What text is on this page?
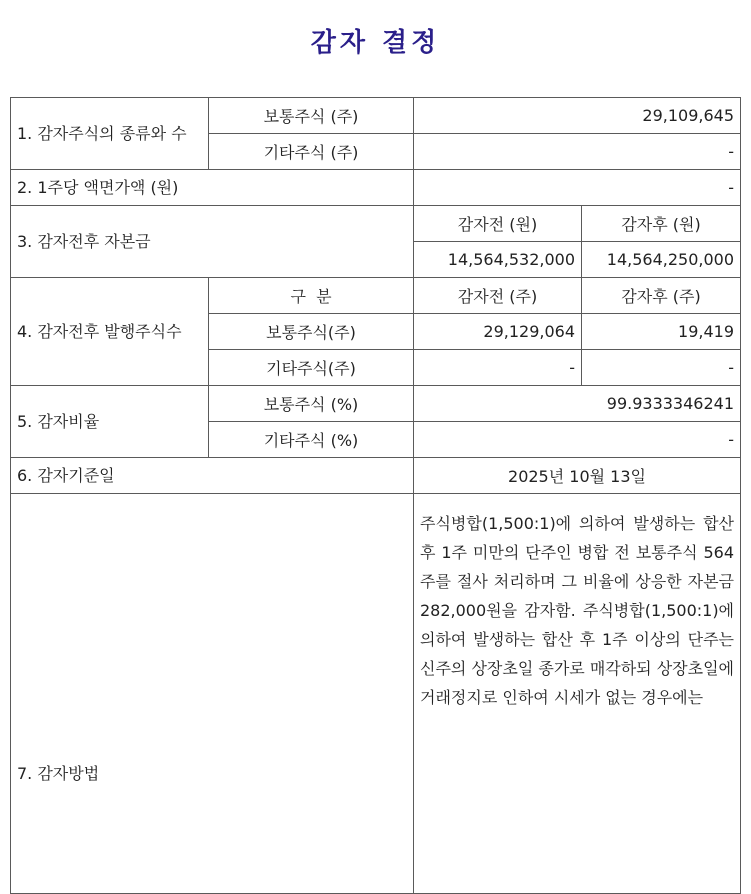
감자 결정
1. 감자주식의 종류와 수	보통주식 (주)	29,109,645	
	기타주식 (주)	-	
2. 1주당 액면가액 (원)		-	
3. 감자전후 자본금		감자전 (원)	감자후 (원)
		14,564,532,000	14,564,250,000
4. 감자전후 발행주식수	구  분	감자전 (주)	감자후 (주)
	보통주식(주)	29,129,064	19,419
	기타주식(주)	-	-
5. 감자비율	보통주식 (%)	99.9333346241	
	기타주식 (%)	-	
6. 감자기준일		2025년 10월 13일	
7. 감자방법		주식병합(1,500:1)에 의하여 발생하는 합산 후 1주 미만의 단주인 병합 전 보통주식 564주를 절사 처리하며 그 비율에 상응한 자본금 282,000원을 감자함. 주식병합(1,500:1)에 의하여 발생하는 합산 후 1주 이상의 단주는 신주의 상장초일 종가로 매각하되 상장초일에 거래정지로 인하여 시세가 없는 경우에는	
